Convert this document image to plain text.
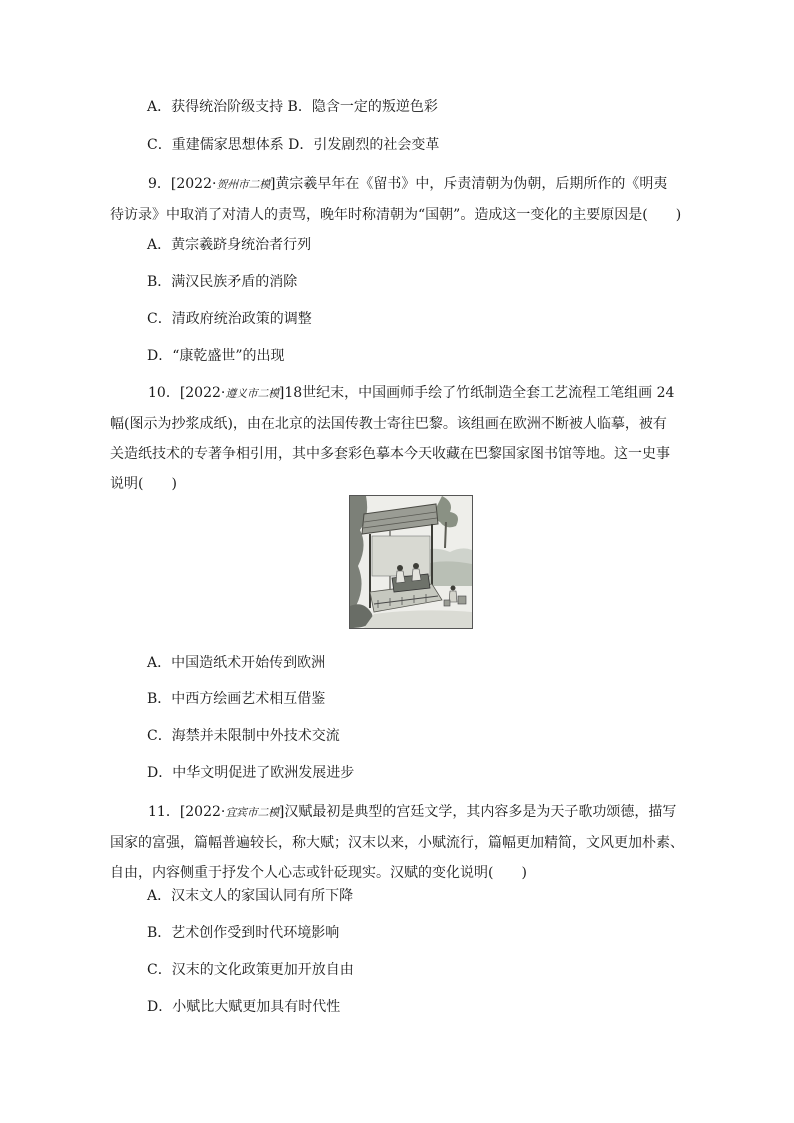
A．获得统治阶级支持 B．隐含一定的叛逆色彩
C．重建儒家思想体系 D．引发剧烈的社会变革
9．[2022·贺州市二模]黄宗羲早年在《留书》中，斥责清朝为伪朝，后期所作的《明夷
待访录》中取消了对清人的责骂，晚年时称清朝为“国朝”。造成这一变化的主要原因是(　　)
A．黄宗羲跻身统治者行列
B．满汉民族矛盾的消除
C．清政府统治政策的调整
D．“康乾盛世”的出现
10．[2022·遵义市二模]18世纪末，中国画师手绘了竹纸制造全套工艺流程工笔组画 24
幅(图示为抄浆成纸)，由在北京的法国传教士寄往巴黎。该组画在欧洲不断被人临摹，被有
关造纸技术的专著争相引用，其中多套彩色摹本今天收藏在巴黎国家图书馆等地。这一史事
说明(　　)
A．中国造纸术开始传到欧洲
B．中西方绘画艺术相互借鉴
C．海禁并未限制中外技术交流
D．中华文明促进了欧洲发展进步
11．[2022·宜宾市二模]汉赋最初是典型的宫廷文学，其内容多是为天子歌功颂德，描写
国家的富强，篇幅普遍较长，称大赋；汉末以来，小赋流行，篇幅更加精简，文风更加朴素、
自由，内容侧重于抒发个人心志或针砭现实。汉赋的变化说明(　　)
A．汉末文人的家国认同有所下降
B．艺术创作受到时代环境影响
C．汉末的文化政策更加开放自由
D．小赋比大赋更加具有时代性
